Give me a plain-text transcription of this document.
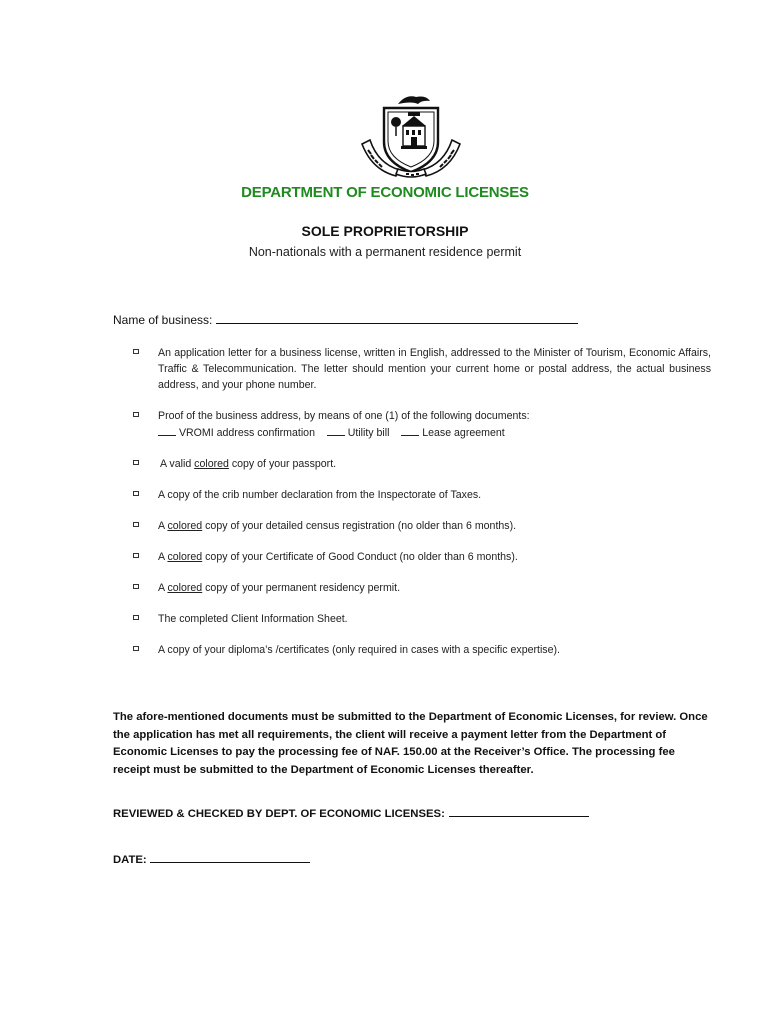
DEPARTMENT OF ECONOMIC LICENSES
SOLE PROPRIETORSHIP
Non-nationals with a permanent residence permit
Name of business:
An application letter for a business license, written in English, addressed to the Minister of Tourism, Economic Affairs, Traffic & Telecommunication. The letter should mention your current home or postal address, the actual business address, and your phone number.
Proof of the business address, by means of one (1) of the following documents:
VROMI address confirmation	Utility bill	Lease agreement
A valid colored copy of your passport.
A copy of the crib number declaration from the Inspectorate of Taxes.
A colored copy of your detailed census registration (no older than 6 months).
A colored copy of your Certificate of Good Conduct (no older than 6 months).
A colored copy of your permanent residency permit.
The completed Client Information Sheet.
A copy of your diploma’s /certificates (only required in cases with a specific expertise).
The afore-mentioned documents must be submitted to the Department of Economic Licenses, for review. Once the application has met all requirements, the client will receive a payment letter from the Department of Economic Licenses to pay the processing fee of NAF. 150.00 at the Receiver’s Office. The processing fee receipt must be submitted to the Department of Economic Licenses thereafter.
REVIEWED & CHECKED BY DEPT. OF ECONOMIC LICENSES:
DATE:
